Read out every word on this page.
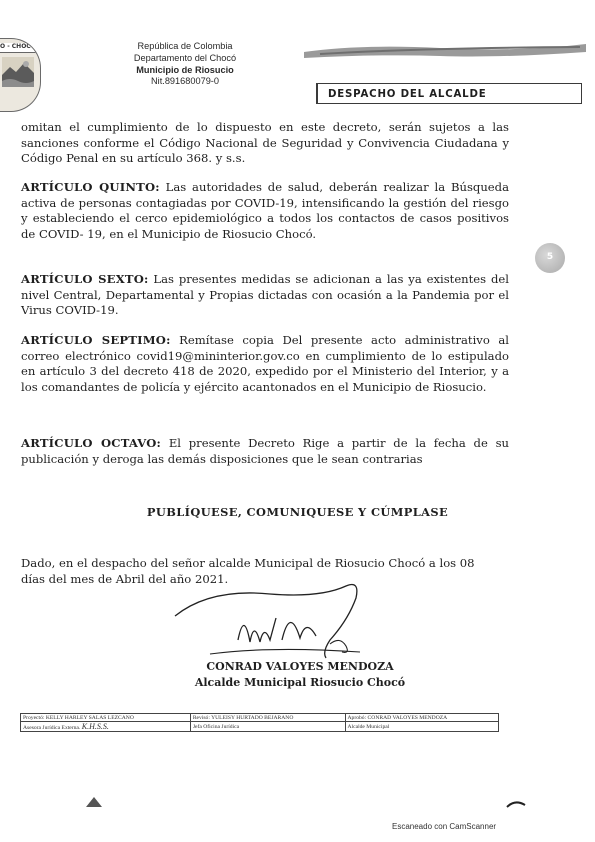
O - CHOCÓ	República de Colombia
Departamento del Chocó
Municipio de Riosucio
Nit.891680079-0
DESPACHO DEL ALCALDE

omitan el cumplimiento de lo dispuesto en este decreto, serán sujetos a las sanciones conforme el Código Nacional de Seguridad y Convivencia Ciudadana y Código Penal en su artículo 368. y s.s.

ARTÍCULO QUINTO: Las autoridades de salud, deberán realizar la Búsqueda activa de personas contagiadas por COVID-19, intensificando la gestión del riesgo y estableciendo el cerco epidemiológico a todos los contactos de casos positivos de COVID- 19, en el Municipio de Riosucio Chocó.

5

ARTÍCULO SEXTO: Las presentes medidas se adicionan a las ya existentes del nivel Central, Departamental y Propias dictadas con ocasión a la Pandemia por el Virus COVID-19.

ARTÍCULO SEPTIMO: Remítase copia Del presente acto administrativo al correo electrónico covid19@mininterior.gov.co en cumplimiento de lo estipulado en artículo 3 del decreto 418 de 2020, expedido por el Ministerio del Interior, y a los comandantes de policía y ejército acantonados en el Municipio de Riosucio.

ARTÍCULO OCTAVO: El presente Decreto Rige a partir de la fecha de su publicación y deroga las demás disposiciones que le sean contrarias

PUBLÍQUESE, COMUNIQUESE Y CÚMPLASE

Dado, en el despacho del señor alcalde Municipal de Riosucio Chocó a los 08 días del mes de Abril del año 2021.

CONRAD VALOYES MENDOZA
Alcalde Municipal Riosucio Chocó
Proyectó: KELLY HARLEY SALAS LEZCANO	Revisó: YULEISY HURTADO BEJARANO	Aprobó: CONRAD VALOYES MENDOZA
Asesora Jurídica Externa. K.H.S.S.	Jefa Oficina Jurídica	Alcalde Municipal
Escaneado con CamScanner
